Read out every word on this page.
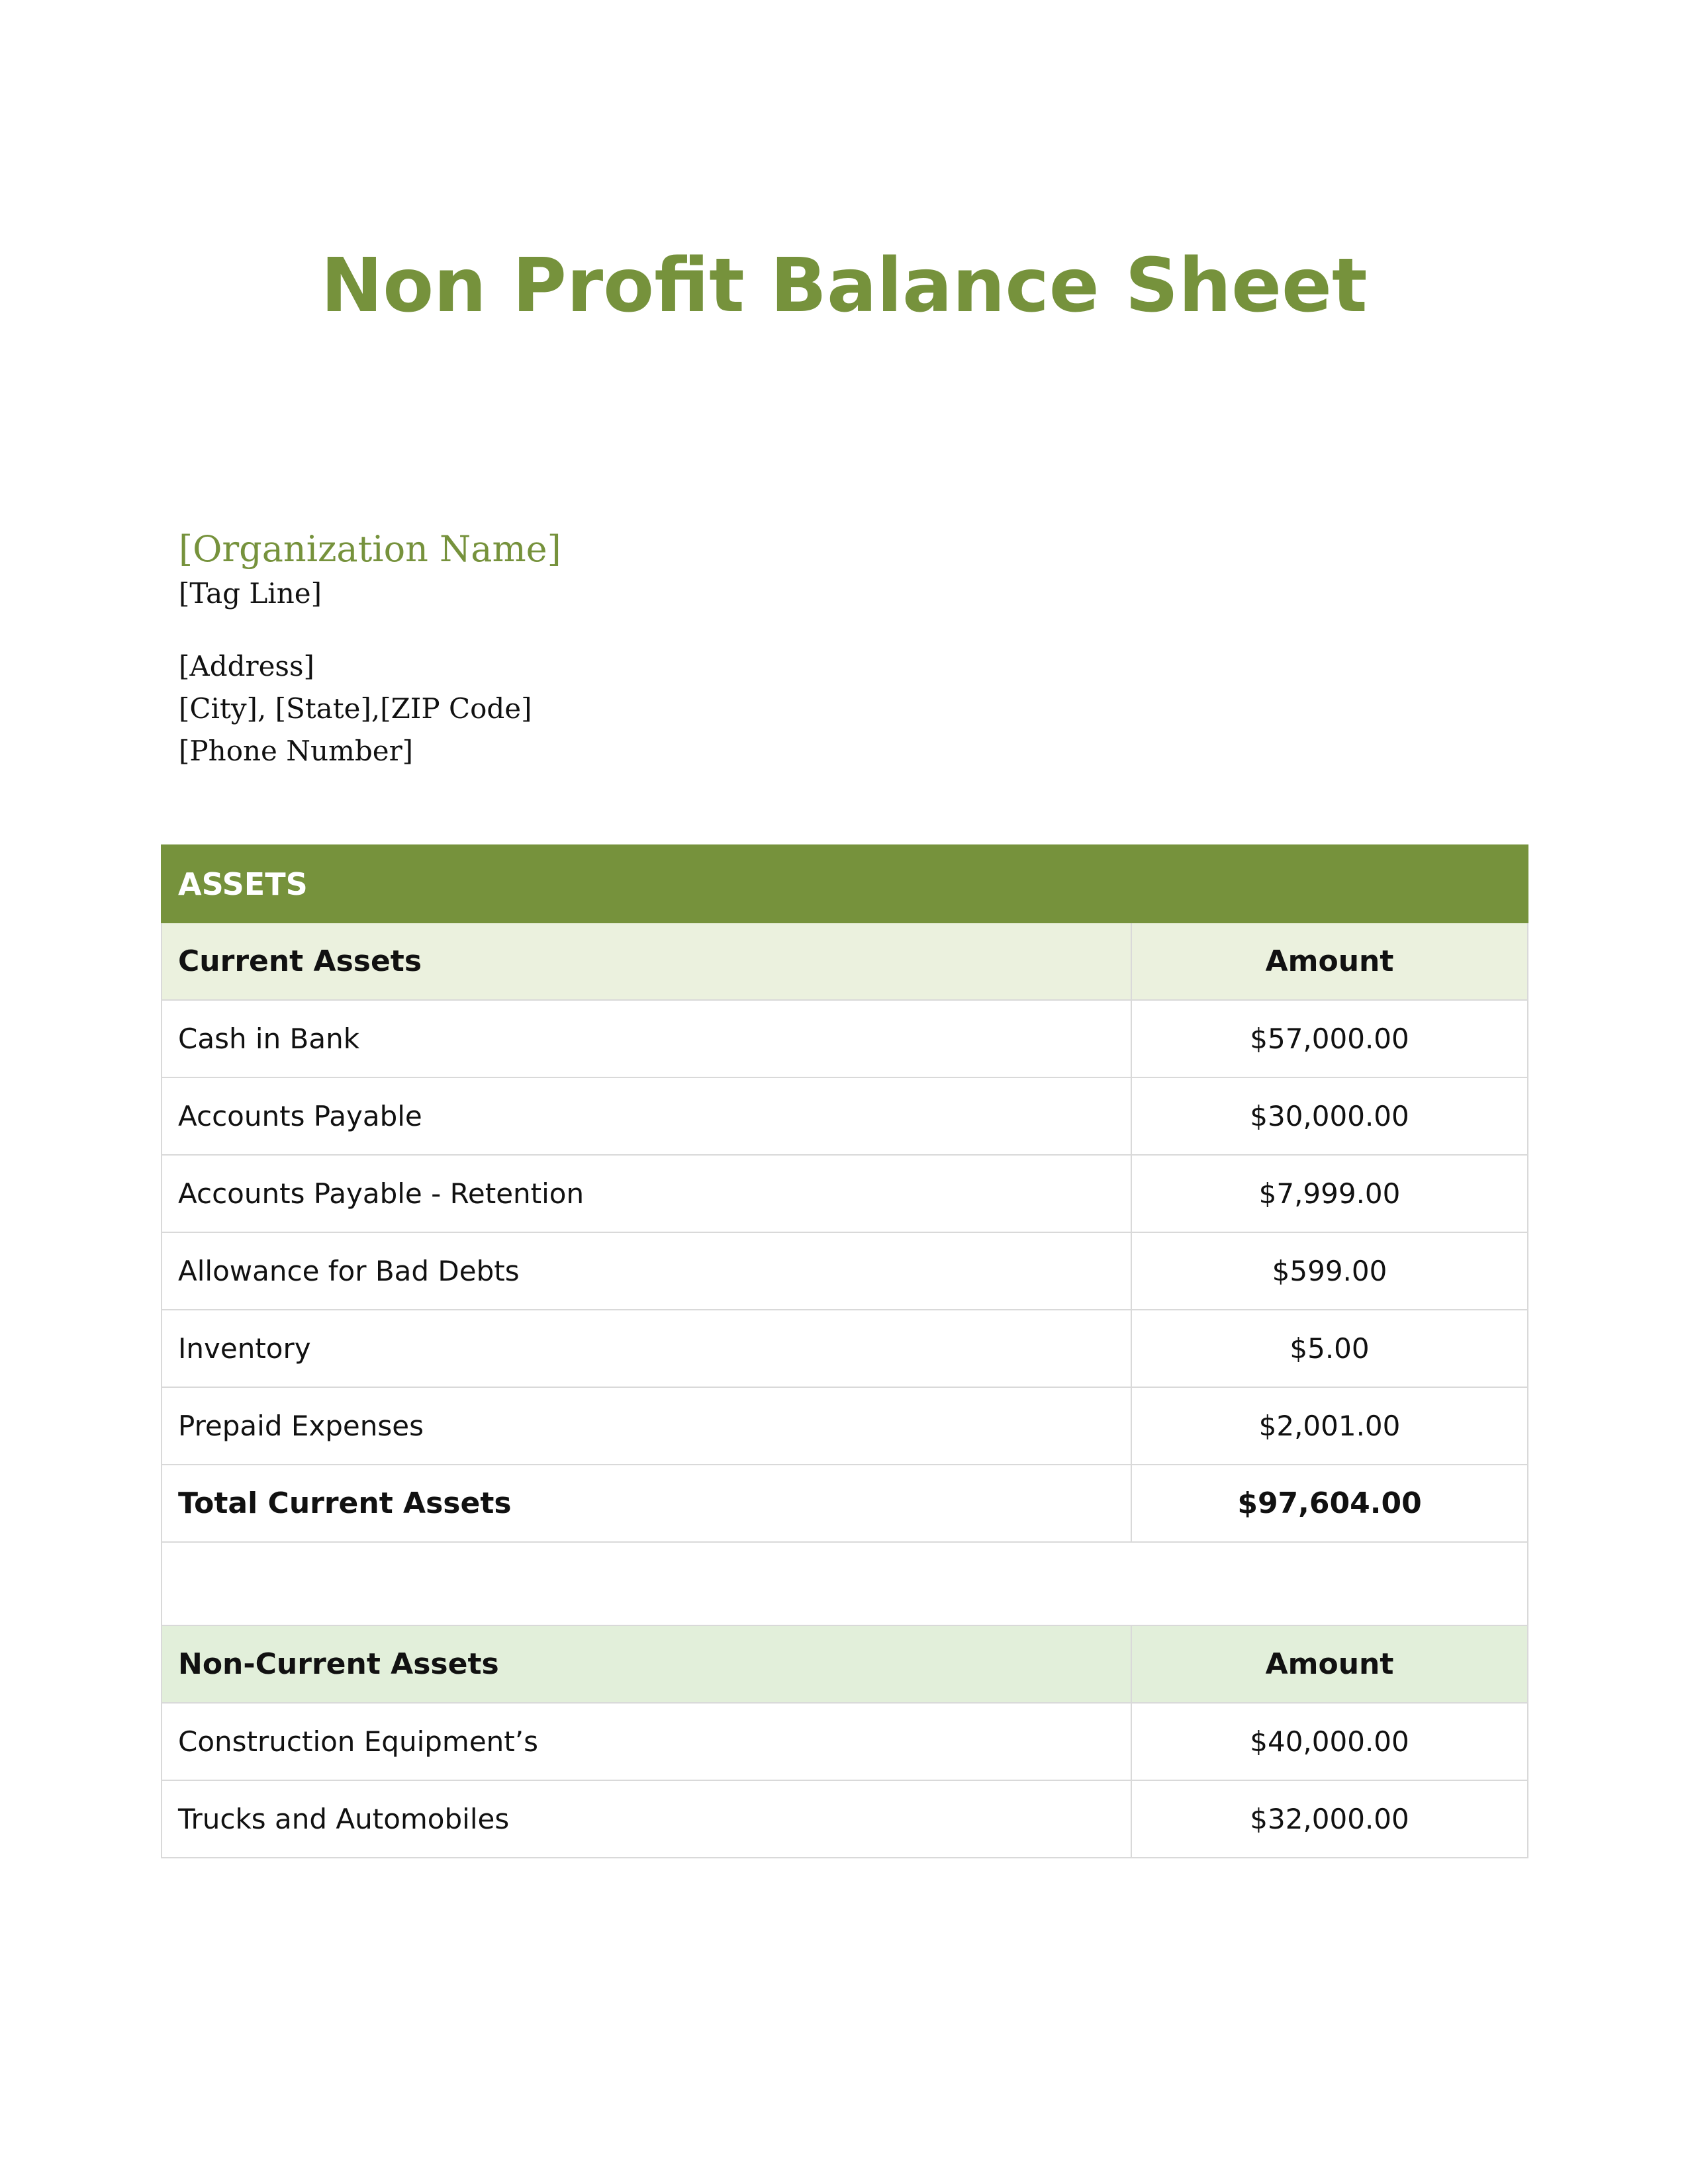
Non Profit Balance Sheet
[Organization Name]
[Tag Line]
[Address]
[City], [State],[ZIP Code]
[Phone Number]
ASSETS	
Current Assets	Amount
Cash in Bank	$57,000.00
Accounts Payable	$30,000.00
Accounts Payable - Retention	$7,999.00
Allowance for Bad Debts	$599.00
Inventory	$5.00
Prepaid Expenses	$2,001.00
Total Current Assets	$97,604.00

Non-Current Assets	Amount
Construction Equipment’s	$40,000.00
Trucks and Automobiles	$32,000.00
